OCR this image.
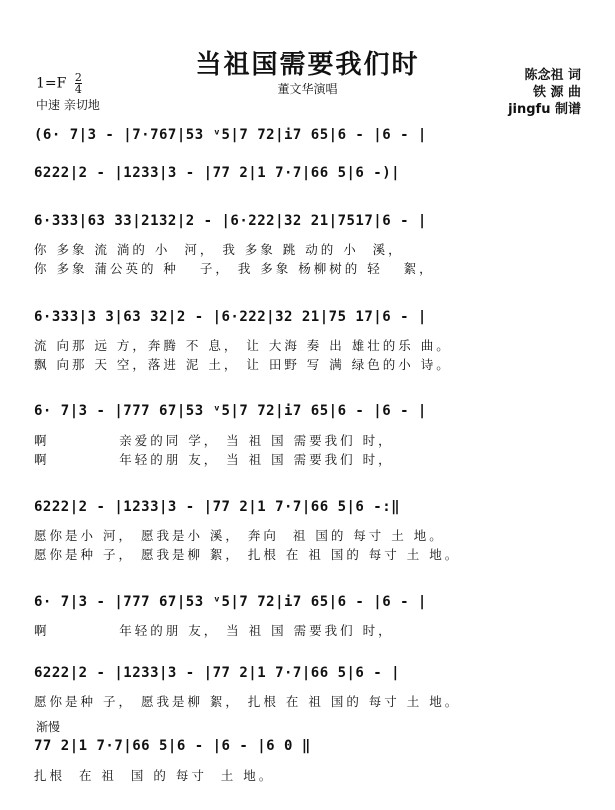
当祖国需要我们时
董文华演唱
陈念祖 词
铁 源 曲
jingfu 制谱
$1=F \frac{2}{4}$
中速 亲切地
渐慢
(6· 7|3 - |7·767|53 ᵛ5|7 72|i7 65|6 - |6 - |
6222|2 - |1233|3 - |77 2|1 7·7|66 5|6 -)|
6·333|63 33|2132|2 - |6·222|32 21|7517|6 - |
你 多象 流 淌的 小  河， 我 多象 跳 动的 小  溪，
你 多象 蒲公英的 种   子， 我 多象 杨柳树的 轻   絮，
6·333|3 3|63 32|2 - |6·222|32 21|75 17|6 - |
流 向那 远 方，奔腾 不 息， 让 大海 奏 出 雄壮的乐 曲。
飘 向那 天 空，落进 泥 土， 让 田野 写 满 绿色的小 诗。
6· 7|3 - |777 67|53 ᵛ5|7 72|i7 65|6 - |6 - |
啊          亲爱的同 学， 当 祖 国 需要我们 时，
啊          年轻的朋 友， 当 祖 国 需要我们 时，
6222|2 - |1233|3 - |77 2|1 7·7|66 5|6 -:‖
愿你是小 河， 愿我是小 溪， 奔向  祖 国的 每寸 土 地。
愿你是种 子， 愿我是柳 絮， 扎根 在 祖 国的 每寸 土 地。
6· 7|3 - |777 67|53 ᵛ5|7 72|i7 65|6 - |6 - |
啊          年轻的朋 友， 当 祖 国 需要我们 时，
6222|2 - |1233|3 - |77 2|1 7·7|66 5|6 - |
愿你是种 子， 愿我是柳 絮， 扎根 在 祖 国的 每寸 土 地。
77 2|1 7·7|66 5|6 - |6 - |6 0 ‖
扎根  在 祖  国 的 每寸  土 地。
